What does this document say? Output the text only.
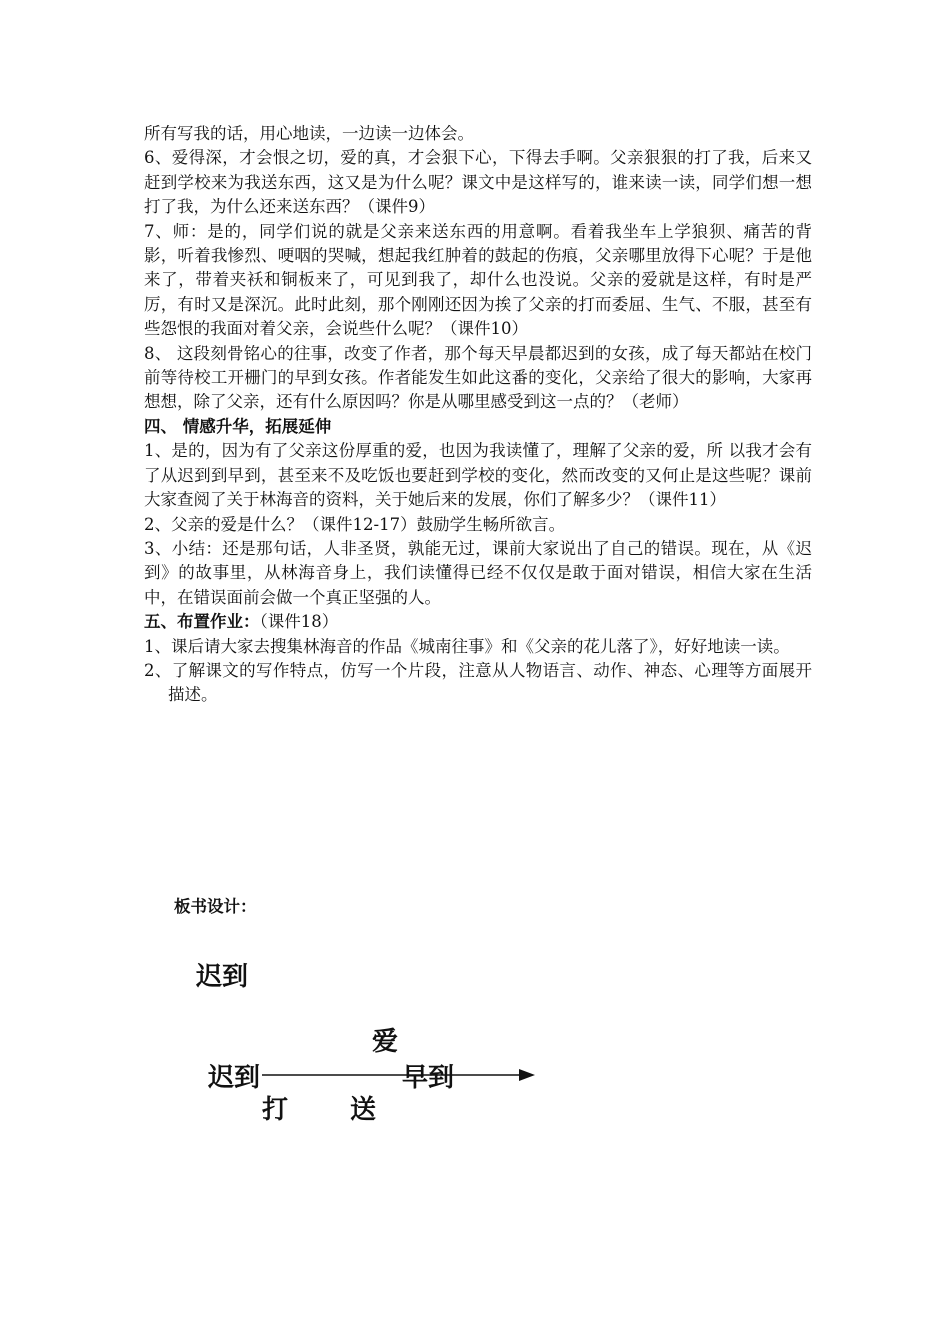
所有写我的话，用心地读，一边读一边体会。

6、爱得深，才会恨之切，爱的真，才会狠下心，下得去手啊。父亲狠狠的打了我，后来又赶到学校来为我送东西，这又是为什么呢？课文中是这样写的，谁来读一读，同学们想一想打了我，为什么还来送东西？（课件9）

7、师：是的，同学们说的就是父亲来送东西的用意啊。看着我坐车上学狼狈、痛苦的背影，听着我惨烈、哽咽的哭喊，想起我红肿着的鼓起的伤痕，父亲哪里放得下心呢？于是他来了，带着夹袄和铜板来了，可见到我了，却什么也没说。父亲的爱就是这样，有时是严厉，有时又是深沉。此时此刻，那个刚刚还因为挨了父亲的打而委屈、生气、不服，甚至有些怨恨的我面对着父亲，会说些什么呢？（课件10）

8、 这段刻骨铭心的往事，改变了作者，那个每天早晨都迟到的女孩，成了每天都站在校门前等待校工开栅门的早到女孩。作者能发生如此这番的变化，父亲给了很大的影响，大家再想想，除了父亲，还有什么原因吗？你是从哪里感受到这一点的？（老师）

四、 情感升华，拓展延伸

1、是的，因为有了父亲这份厚重的爱，也因为我读懂了，理解了父亲的爱，所 以我才会有了从迟到到早到，甚至来不及吃饭也要赶到学校的变化，然而改变的又何止是这些呢？课前大家查阅了关于林海音的资料，关于她后来的发展，你们了解多少？（课件11）

2、父亲的爱是什么？（课件12-17）鼓励学生畅所欲言。

3、小结：还是那句话，人非圣贤，孰能无过，课前大家说出了自己的错误。现在，从《迟到》的故事里，从林海音身上，我们读懂得已经不仅仅是敢于面对错误，相信大家在生活中，在错误面前会做一个真正坚强的人。

五、布置作业：（课件18）

1、课后请大家去搜集林海音的作品《城南往事》和《父亲的花儿落了》，好好地读一读。

2、了解课文的写作特点，仿写一个片段，注意从人物语言、动作、神态、心理等方面展开描述。

板书设计：
迟到
爱
迟到	早到
打 送
